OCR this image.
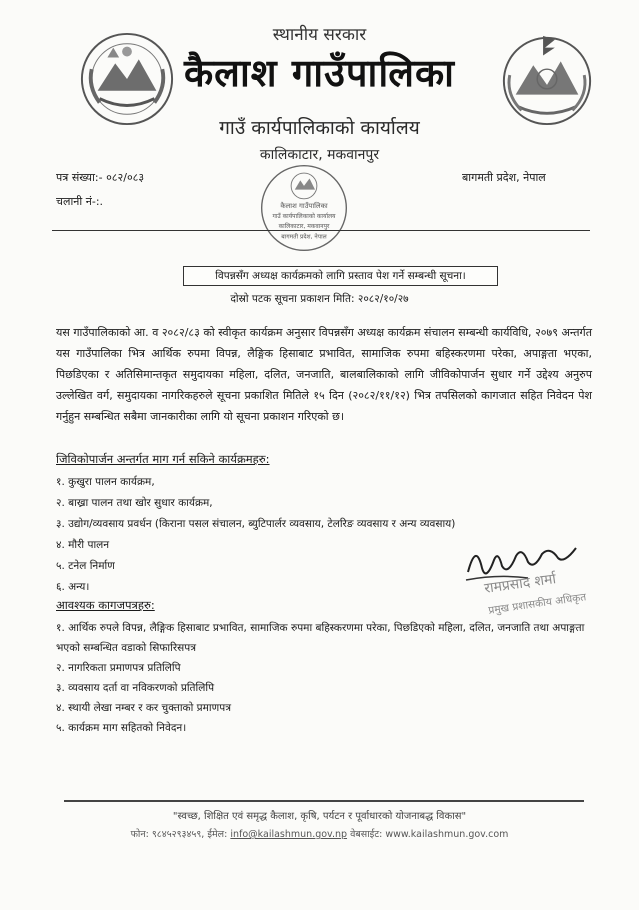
स्थानीय सरकार
कैलाश गाउँपालिका
गाउँ कार्यपालिकाको कार्यालय
कालिकाटार, मकवानपुर
पत्र संख्या:- ०८२/०८३
चलानी नं-:.
बागमती प्रदेश, नेपाल
कैलाश गाउँपालिका
गाउँ कार्यपालिकाको कार्यालय
कालिकाटार, मकवानपुर
बागमती प्रदेश, नेपाल
विपन्नसँग अध्यक्ष कार्यक्रमको लागि प्रस्ताव पेश गर्ने सम्बन्धी सूचना।
दोस्रो पटक सूचना प्रकाशन मिति: २०८२/१०/२७
यस गाउँपालिकाको आ. व २०८२/८३ को स्वीकृत कार्यक्रम अनुसार विपन्नसँग अध्यक्ष कार्यक्रम संचालन सम्बन्धी कार्यविधि, २०७९ अन्तर्गत यस गाउँपालिका भित्र आर्थिक रुपमा विपन्न, लैङ्गिक हिसाबाट प्रभावित, सामाजिक रुपमा बहिस्करणमा परेका, अपाङ्गता भएका, पिछडिएका र अतिसिमान्तकृत समुदायका महिला, दलित, जनजाति, बालबालिकाको लागि जीविकोपार्जन सुधार गर्ने उद्देश्य अनुरुप उल्लेखित वर्ग, समुदायका नागरिकहरुले सूचना प्रकाशित मितिले १५ दिन (२०८२/११/१२) भित्र तपसिलको कागजात सहित निवेदन पेश गर्नुहुन सम्बन्धित सबैमा जानकारीका लागि यो सूचना प्रकाशन गरिएको छ।
जिविकोपार्जन अन्तर्गत माग गर्न सकिने कार्यक्रमहरु:
१. कुखुरा पालन कार्यक्रम,
२. बाख्रा पालन तथा खोर सुधार कार्यक्रम,
३. उद्योग/व्यवसाय प्रवर्धन (किराना पसल संचालन, ब्युटिपार्लर व्यवसाय, टेलरिङ व्यवसाय र अन्य व्यवसाय)
४. मौरी पालन
५. टनेल निर्माण
६. अन्य।	रामप्रसाद शर्मा
प्रमुख प्रशासकीय अधिकृत
आवश्यक कागजपत्रहरु:
१. आर्थिक रुपले विपन्न, लैङ्गिक हिसाबाट प्रभावित, सामाजिक रुपमा बहिस्करणमा परेका, पिछडिएको महिला, दलित, जनजाति तथा अपाङ्गता भएको सम्बन्धित वडाको सिफारिसपत्र
२. नागरिकता प्रमाणपत्र प्रतिलिपि
३. व्यवसाय दर्ता वा नविकरणको प्रतिलिपि
४. स्थायी लेखा नम्बर र कर चुक्ताको प्रमाणपत्र
५. कार्यक्रम माग सहितको निवेदन।
"स्वच्छ, शिक्षित एवं समृद्ध कैलाश, कृषि, पर्यटन र पूर्वाधारको योजनाबद्ध विकास"
फोन: ९८४५२९३४५९, ईमेल: info@kailashmun.gov.np वेबसाईट: www.kailashmun.gov.com
